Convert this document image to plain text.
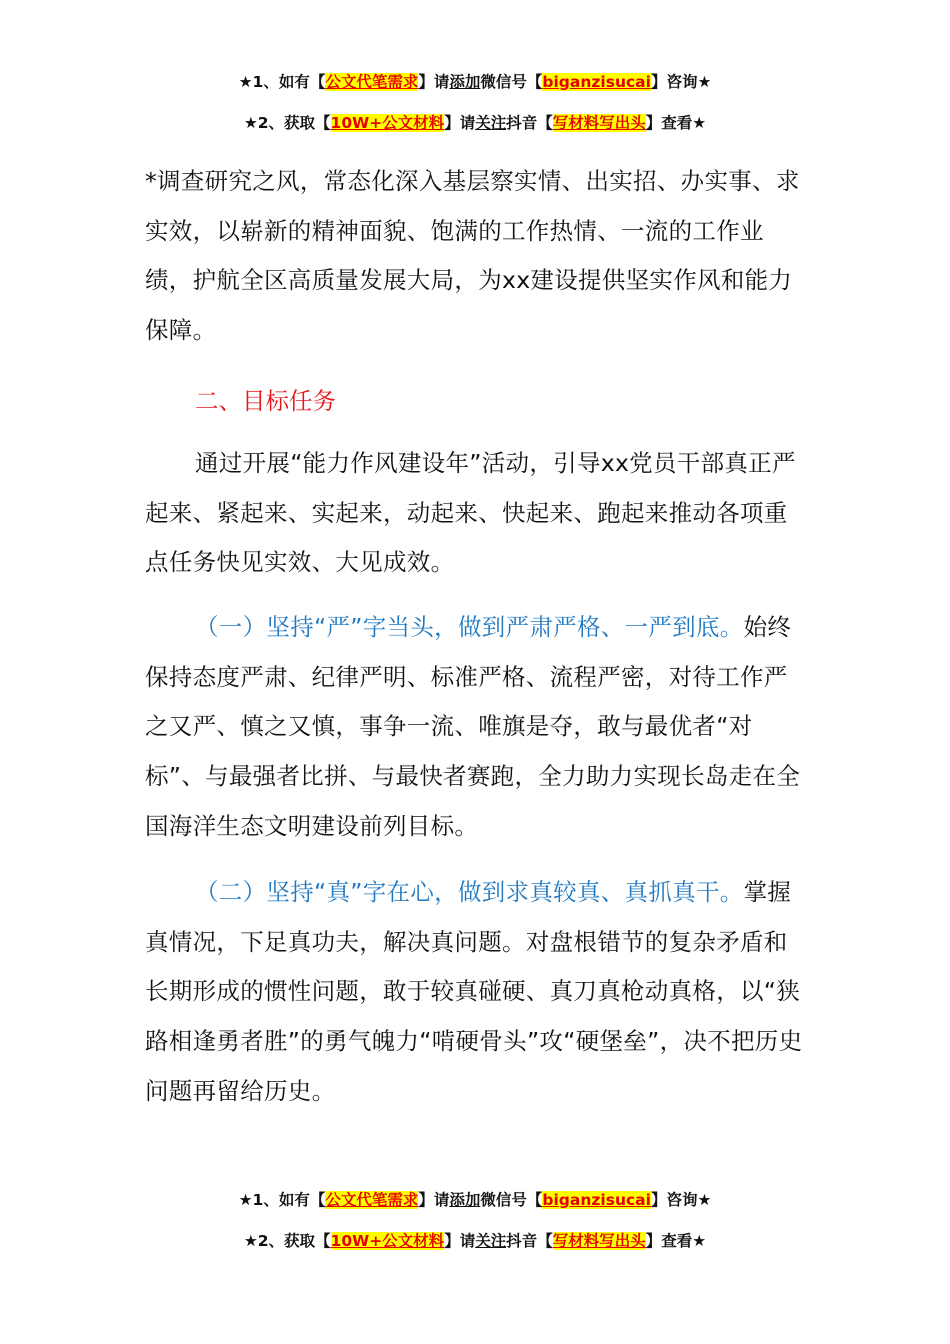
★1、如有【公文代笔需求】请添加微信号【biganzisucai】咨询★
★2、获取【10W+公文材料】请关注抖音【写材料写出头】查看★

*调查研究之风，常态化深入基层察实情、出实招、办实事、求实效，以崭新的精神面貌、饱满的工作热情、一流的工作业绩，护航全区高质量发展大局，为xx建设提供坚实作风和能力保障。

二、目标任务

通过开展“能力作风建设年”活动，引导xx党员干部真正严起来、紧起来、实起来，动起来、快起来、跑起来推动各项重点任务快见实效、大见成效。

（一）坚持“严”字当头，做到严肃严格、一严到底。始终保持态度严肃、纪律严明、标准严格、流程严密，对待工作严之又严、慎之又慎，事争一流、唯旗是夺，敢与最优者“对标”、与最强者比拼、与最快者赛跑，全力助力实现长岛走在全国海洋生态文明建设前列目标。

（二）坚持“真”字在心，做到求真较真、真抓真干。掌握真情况，下足真功夫，解决真问题。对盘根错节的复杂矛盾和长期形成的惯性问题，敢于较真碰硬、真刀真枪动真格，以“狭路相逢勇者胜”的勇气魄力“啃硬骨头”攻“硬堡垒”，决不把历史问题再留给历史。

★1、如有【公文代笔需求】请添加微信号【biganzisucai】咨询★
★2、获取【10W+公文材料】请关注抖音【写材料写出头】查看★
